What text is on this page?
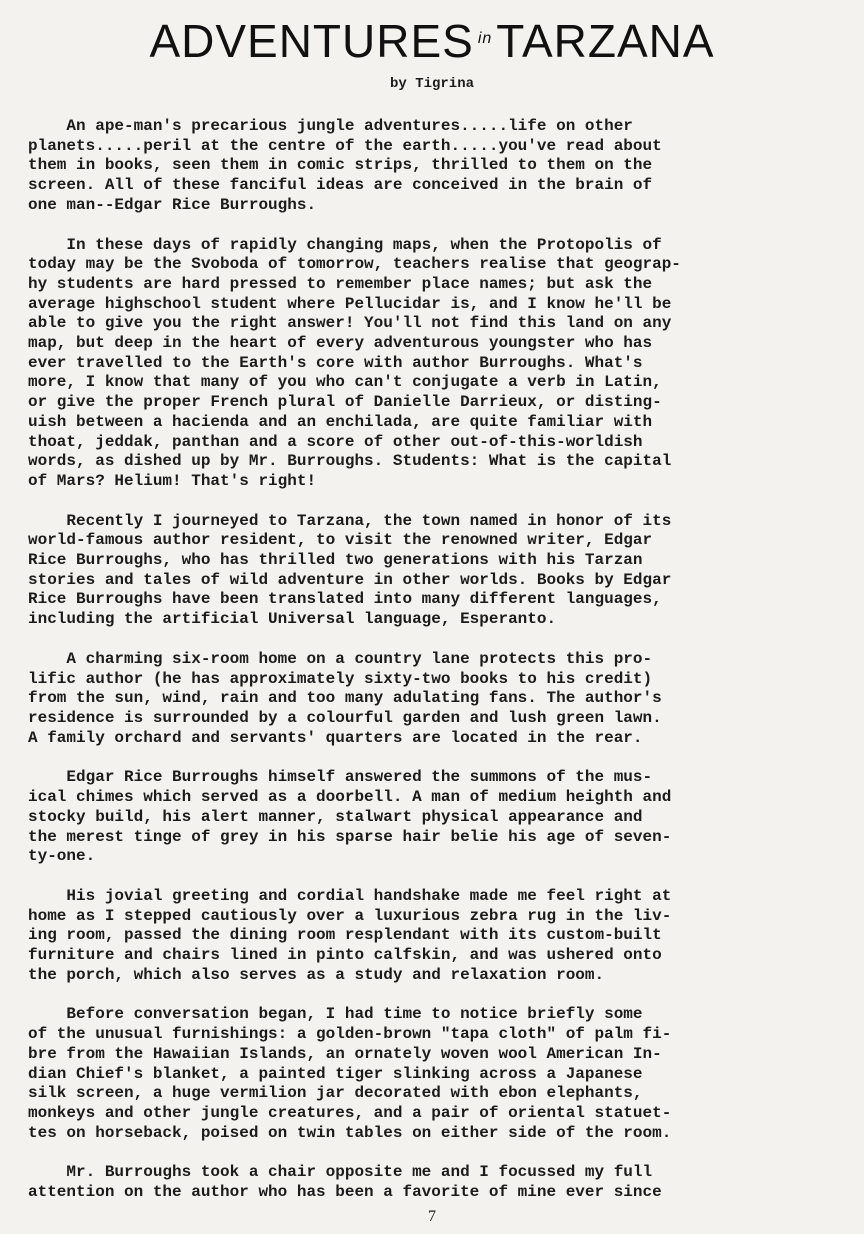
ADVENTURES $^{in}$TARZANA
by Tigrina
An ape-man's precarious jungle adventures.....life on other
planets.....peril at the centre of the earth.....you've read about
them in books, seen them in comic strips, thrilled to them on the
screen. All of these fanciful ideas are conceived in the brain of
one man--Edgar Rice Burroughs.
In these days of rapidly changing maps, when the Protopolis of
today may be the Svoboda of tomorrow, teachers realise that geograp-
hy students are hard pressed to remember place names; but ask the
average highschool student where Pellucidar is, and I know he'll be
able to give you the right answer! You'll not find this land on any
map, but deep in the heart of every adventurous youngster who has
ever travelled to the Earth's core with author Burroughs. What's
more, I know that many of you who can't conjugate a verb in Latin,
or give the proper French plural of Danielle Darrieux, or disting-
uish between a hacienda and an enchilada, are quite familiar with
thoat, jeddak, panthan and a score of other out-of-this-worldish
words, as dished up by Mr. Burroughs. Students: What is the capital
of Mars? Helium! That's right!
Recently I journeyed to Tarzana, the town named in honor of its
world-famous author resident, to visit the renowned writer, Edgar
Rice Burroughs, who has thrilled two generations with his Tarzan
stories and tales of wild adventure in other worlds. Books by Edgar
Rice Burroughs have been translated into many different languages,
including the artificial Universal language, Esperanto.
A charming six-room home on a country lane protects this pro-
lific author (he has approximately sixty-two books to his credit)
from the sun, wind, rain and too many adulating fans. The author's
residence is surrounded by a colourful garden and lush green lawn.
A family orchard and servants' quarters are located in the rear.
Edgar Rice Burroughs himself answered the summons of the mus-
ical chimes which served as a doorbell. A man of medium heighth and
stocky build, his alert manner, stalwart physical appearance and
the merest tinge of grey in his sparse hair belie his age of seven-
ty-one.
His jovial greeting and cordial handshake made me feel right at
home as I stepped cautiously over a luxurious zebra rug in the liv-
ing room, passed the dining room resplendant with its custom-built
furniture and chairs lined in pinto calfskin, and was ushered onto
the porch, which also serves as a study and relaxation room.
Before conversation began, I had time to notice briefly some
of the unusual furnishings: a golden-brown "tapa cloth" of palm fi-
bre from the Hawaiian Islands, an ornately woven wool American In-
dian Chief's blanket, a painted tiger slinking across a Japanese
silk screen, a huge vermilion jar decorated with ebon elephants,
monkeys and other jungle creatures, and a pair of oriental statuet-
tes on horseback, poised on twin tables on either side of the room.
Mr. Burroughs took a chair opposite me and I focussed my full
attention on the author who has been a favorite of mine ever since
7
